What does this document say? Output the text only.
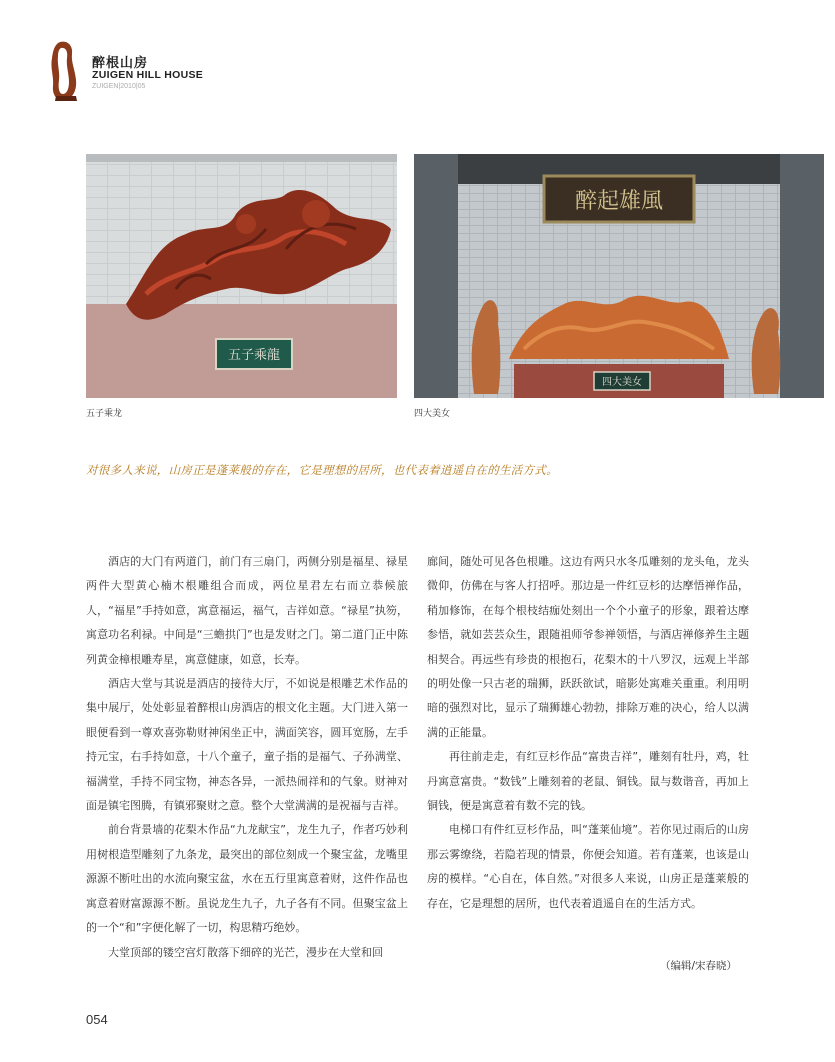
醉根山房
ZUIGEN HILL HOUSE
ZUIGEN|2010|05
五子乘龍
醉起雄風
四大美女
五子乘龙	四大美女
对很多人来说，山房正是蓬莱般的存在，它是理想的居所，也代表着逍遥自在的生活方式。

酒店的大门有两道门，前门有三扇门，两侧分别是福星、禄星两件大型黄心楠木根雕组合而成，两位星君左右而立恭候旅人，“福星”手持如意，寓意福运，福气，吉祥如意。“禄星”执笏，寓意功名利禄。中间是“三蟾拱门”也是发财之门。第二道门正中陈列黄金樟根雕寿星，寓意健康，如意，长寿。

酒店大堂与其说是酒店的接待大厅，不如说是根雕艺术作品的集中展厅，处处彰显着醉根山房酒店的根文化主题。大门进入第一眼便看到一尊欢喜弥勒财神闲坐正中，满面笑容，圆耳宽肠，左手持元宝，右手持如意，十八个童子，童子指的是福气、子孙满堂、福满堂，手持不同宝物，神态各异，一派热闹祥和的气象。财神对面是镇宅图腾，有镇邪聚财之意。整个大堂满满的是祝福与吉祥。

前台背景墙的花梨木作品“九龙献宝”，龙生九子，作者巧妙利用树根造型雕刻了九条龙，最突出的部位刻成一个聚宝盆，龙嘴里源源不断吐出的水流向聚宝盆，水在五行里寓意着财，这件作品也寓意着财富源源不断。虽说龙生九子，九子各有不同。但聚宝盆上的一个“和”字便化解了一切，构思精巧绝妙。

大堂顶部的镂空宫灯散落下细碎的光芒，漫步在大堂和回

廊间，随处可见各色根雕。这边有两只水冬瓜雕刻的龙头龟，龙头微仰，仿佛在与客人打招呼。那边是一件红豆杉的达摩悟禅作品，稍加修饰，在每个根枝结痂处刻出一个个小童子的形象，跟着达摩参悟，就如芸芸众生，跟随祖师爷参禅领悟，与酒店禅修养生主题相契合。再远些有珍贵的根抱石，花梨木的十八罗汉，远观上半部的明处像一只古老的瑞狮，跃跃欲试，暗影处寓难关重重。利用明暗的强烈对比，显示了瑞狮雄心勃勃，排除万难的决心，给人以满满的正能量。

再往前走走，有红豆杉作品“富贵吉祥”，雕刻有牡丹，鸡，牡丹寓意富贵。“数钱”上雕刻着的老鼠、铜钱。鼠与数谐音，再加上铜钱，便是寓意着有数不完的钱。

电梯口有件红豆杉作品，叫“蓬莱仙境”。若你见过雨后的山房那云雾缭绕，若隐若现的情景，你便会知道。若有蓬莱，也该是山房的模样。“心自在，体自然。”对很多人来说，山房正是蓬莱般的存在，它是理想的居所，也代表着逍遥自在的生活方式。

（编辑/宋春晓）
054
